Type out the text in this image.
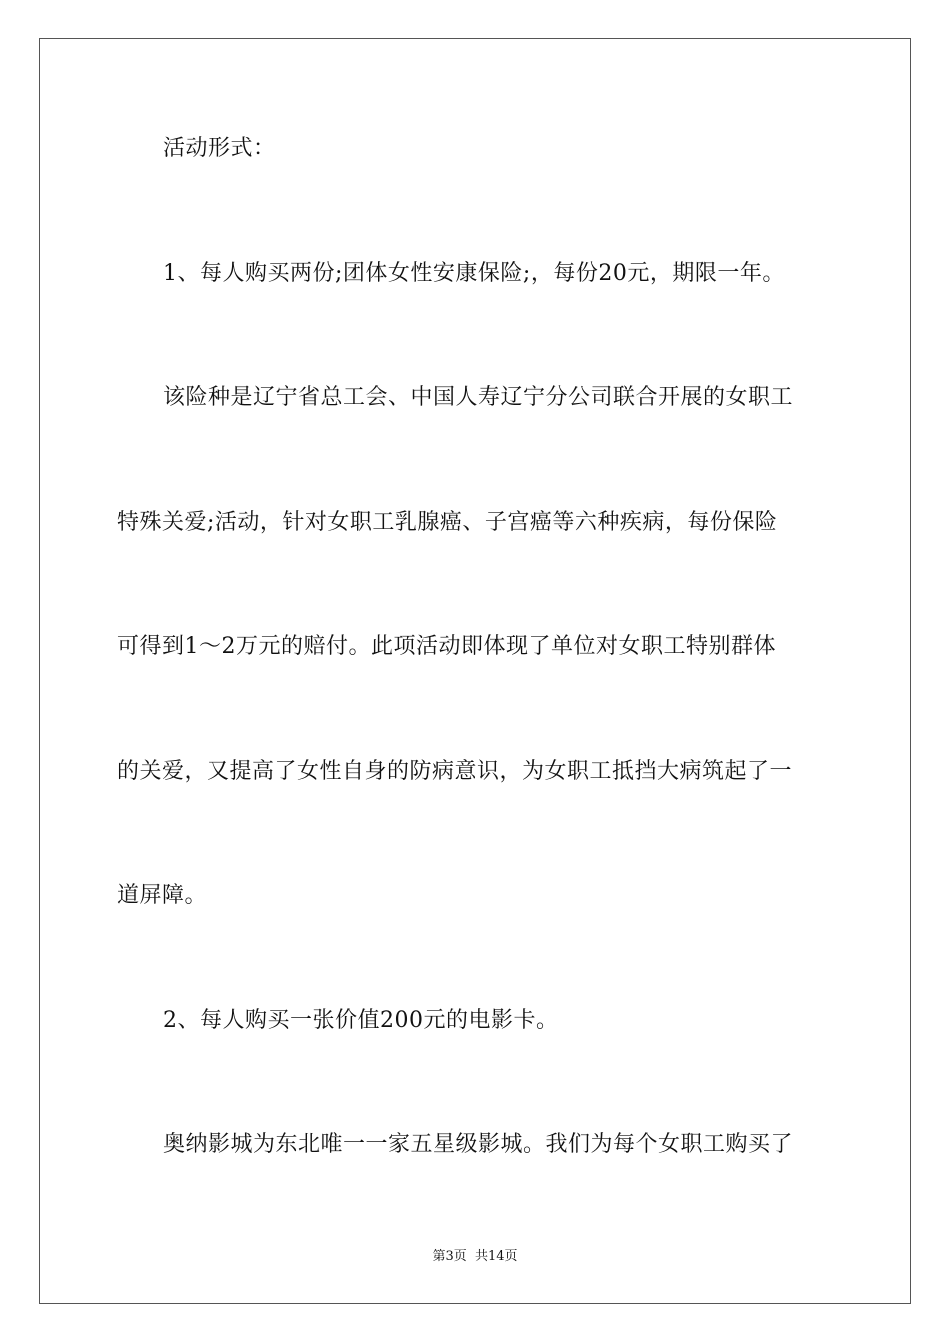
活动形式：
1、每人购买两份;团体女性安康保险;，每份20元，期限一年。
该险种是辽宁省总工会、中国人寿辽宁分公司联合开展的女职工
特殊关爱;活动，针对女职工乳腺癌、子宫癌等六种疾病，每份保险
可得到1～2万元的赔付。此项活动即体现了单位对女职工特别群体
的关爱，又提高了女性自身的防病意识，为女职工抵挡大病筑起了一
道屏障。
2、每人购买一张价值200元的电影卡。
奥纳影城为东北唯一一家五星级影城。我们为每个女职工购买了
第3页 共14页
